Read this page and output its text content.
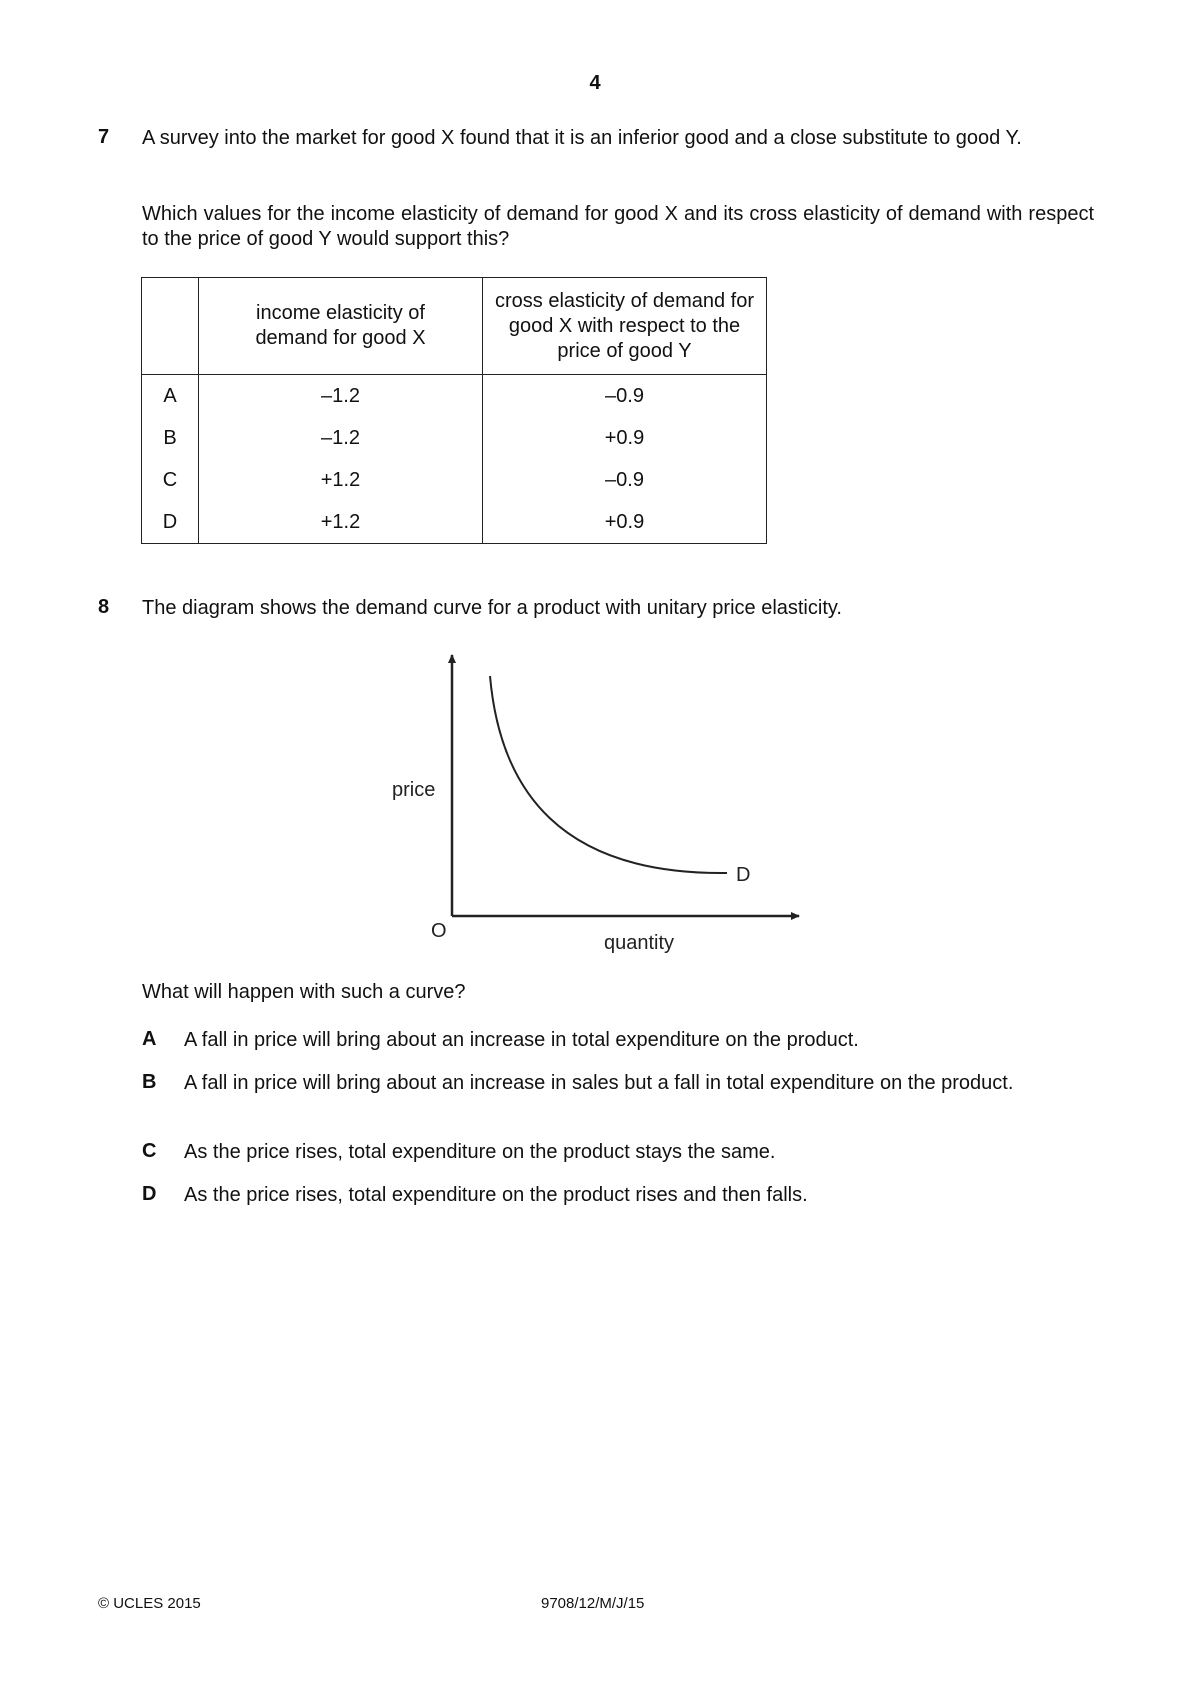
4
7 A survey into the market for good X found that it is an inferior good and a close substitute to good Y.
Which values for the income elasticity of demand for good X and its cross elasticity of demand with respect to the price of good Y would support this?

	income elasticity of demand for good X	cross elasticity of demand for good X with respect to the price of good Y

A	–1.2	–0.9
B	–1.2	+0.9
C	+1.2	–0.9
D	+1.2	+0.9
8 The diagram shows the demand curve for a product with unitary price elasticity.
price
quantity
O
D
What will happen with such a curve?
A A fall in price will bring about an increase in total expenditure on the product.
B A fall in price will bring about an increase in sales but a fall in total expenditure on the product.
C As the price rises, total expenditure on the product stays the same.
D As the price rises, total expenditure on the product rises and then falls.
© UCLES 2015	9708/12/M/J/15
